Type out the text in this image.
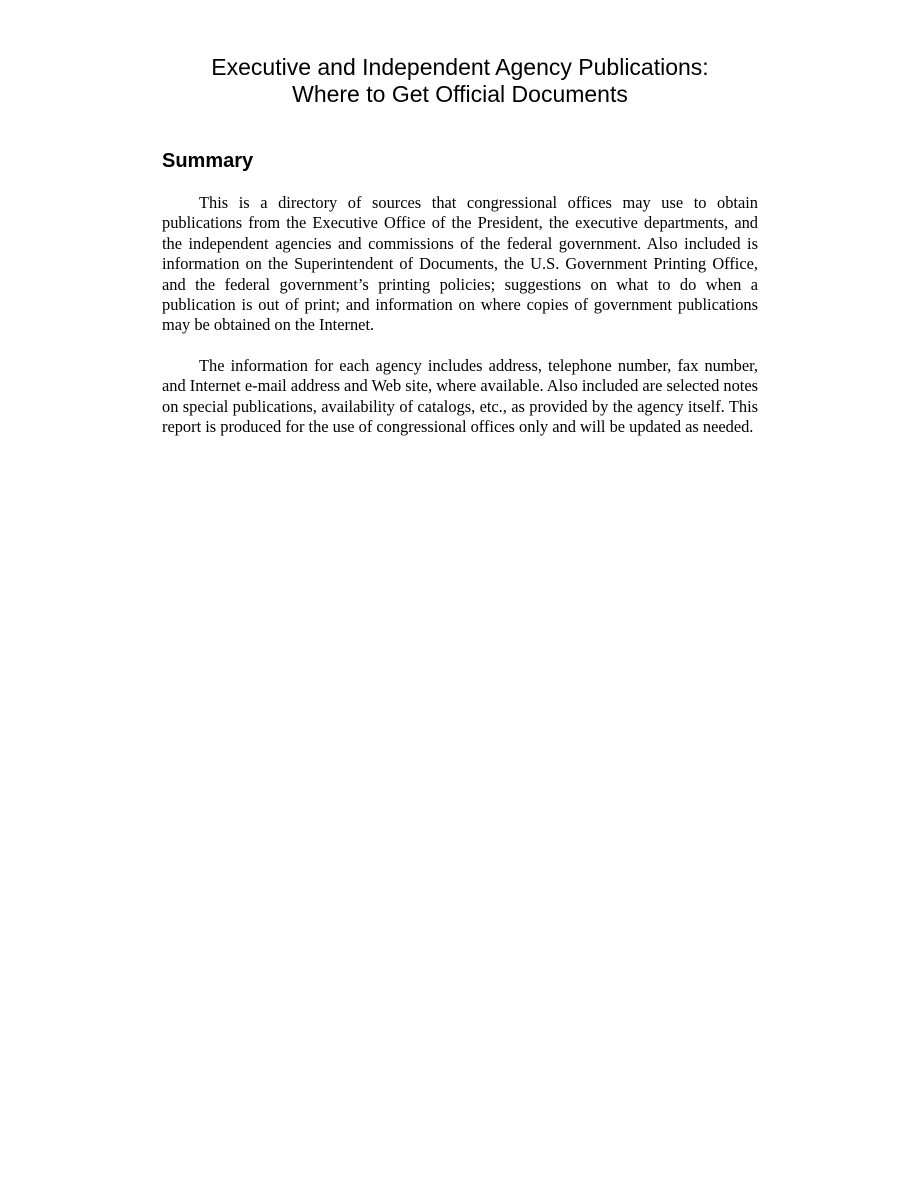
Executive and Independent Agency Publications:
Where to Get Official Documents
Summary

This is a directory of sources that congressional offices may use to obtain publications from the Executive Office of the President, the executive departments, and the independent agencies and commissions of the federal government. Also included is information on the Superintendent of Documents, the U.S. Government Printing Office, and the federal government’s printing policies; suggestions on what to do when a publication is out of print; and information on where copies of government publications may be obtained on the Internet.

The information for each agency includes address, telephone number, fax number, and Internet e-mail address and Web site, where available. Also included are selected notes on special publications, availability of catalogs, etc., as provided by the agency itself. This report is produced for the use of congressional offices only and will be updated as needed.
